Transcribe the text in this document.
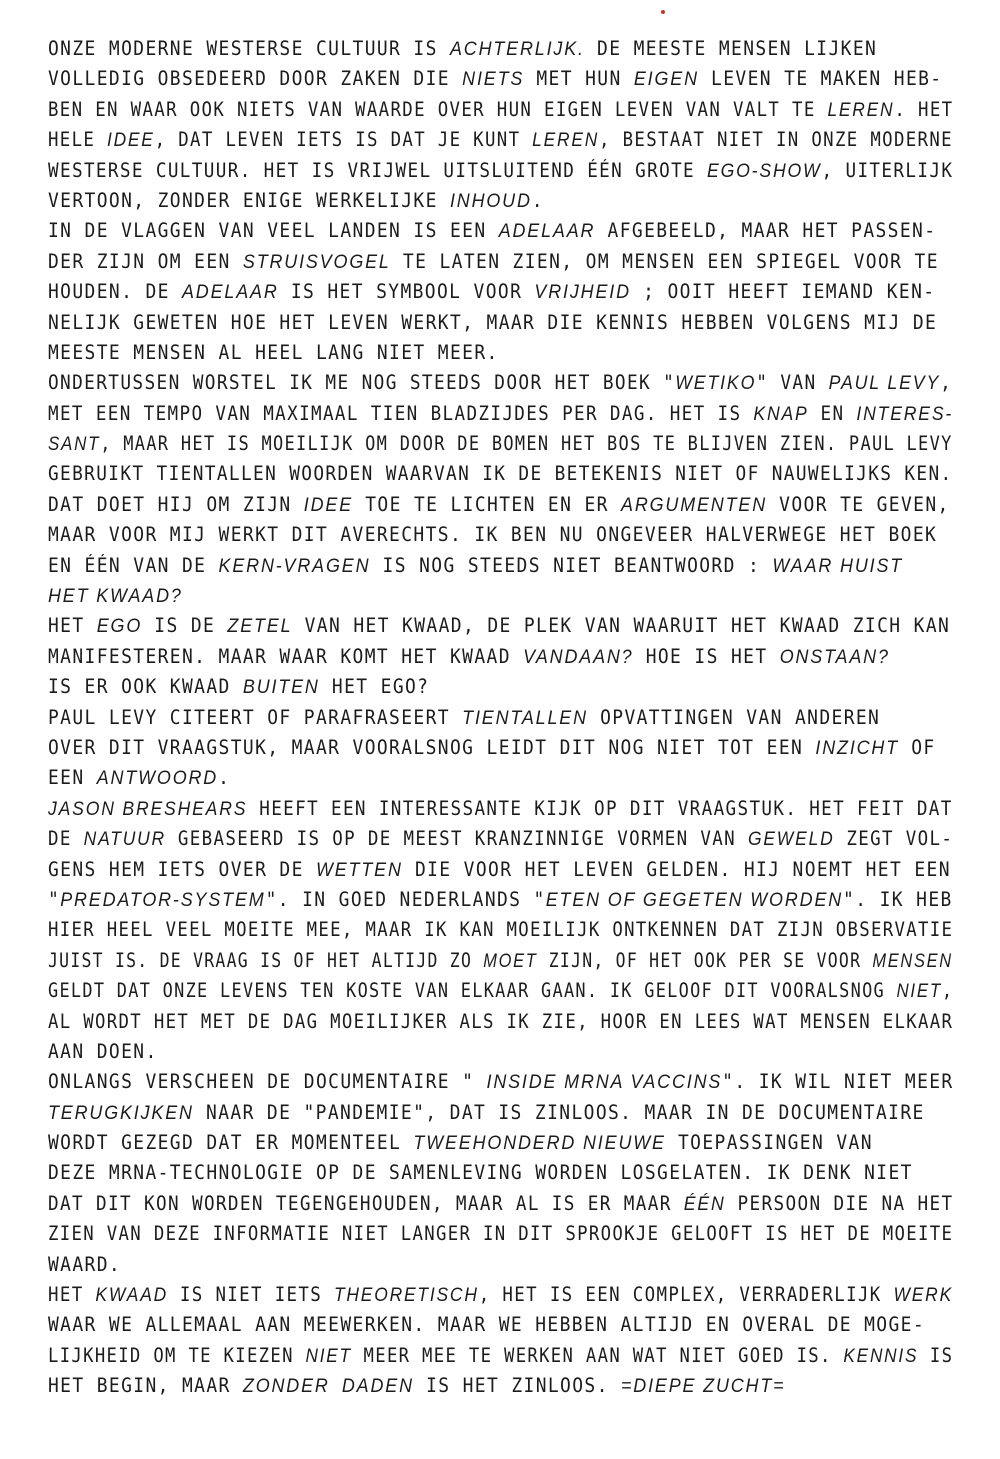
ONZE MODERNE WESTERSE CULTUUR IS ACHTERLIJK. DE MEESTE MENSEN LIJKEN
VOLLEDIG OBSEDEERD DOOR ZAKEN DIE NIETS MET HUN EIGEN LEVEN TE MAKEN HEB-
BEN EN WAAR OOK NIETS VAN WAARDE OVER HUN EIGEN LEVEN VAN VALT TE LEREN. HET
HELE IDEE, DAT LEVEN IETS IS DAT JE KUNT LEREN, BESTAAT NIET IN ONZE MODERNE
WESTERSE CULTUUR. HET IS VRIJWEL UITSLUITEND ÉÉN GROTE EGO-SHOW, UITERLIJK
VERTOON, ZONDER ENIGE WERKELIJKE INHOUD.
IN DE VLAGGEN VAN VEEL LANDEN IS EEN ADELAAR AFGEBEELD, MAAR HET PASSEN-
DER ZIJN OM EEN STRUISVOGEL TE LATEN ZIEN, OM MENSEN EEN SPIEGEL VOOR TE
HOUDEN. DE ADELAAR IS HET SYMBOOL VOOR VRIJHEID ; OOIT HEEFT IEMAND KEN-
NELIJK GEWETEN HOE HET LEVEN WERKT, MAAR DIE KENNIS HEBBEN VOLGENS MIJ DE
MEESTE MENSEN AL HEEL LANG NIET MEER.
ONDERTUSSEN WORSTEL IK ME NOG STEEDS DOOR HET BOEK "WETIKO" VAN PAUL LEVY,
MET EEN TEMPO VAN MAXIMAAL TIEN BLADZIJDES PER DAG. HET IS KNAP EN INTERES-
SANT, MAAR HET IS MOEILIJK OM DOOR DE BOMEN HET BOS TE BLIJVEN ZIEN. PAUL LEVY
GEBRUIKT TIENTALLEN WOORDEN WAARVAN IK DE BETEKENIS NIET OF NAUWELIJKS KEN.
DAT DOET HIJ OM ZIJN IDEE TOE TE LICHTEN EN ER ARGUMENTEN VOOR TE GEVEN,
MAAR VOOR MIJ WERKT DIT AVERECHTS. IK BEN NU ONGEVEER HALVERWEGE HET BOEK
EN ÉÉN VAN DE KERN-VRAGEN IS NOG STEEDS NIET BEANTWOORD : WAAR HUIST
HET KWAAD?
HET EGO IS DE ZETEL VAN HET KWAAD, DE PLEK VAN WAARUIT HET KWAAD ZICH KAN
MANIFESTEREN. MAAR WAAR KOMT HET KWAAD VANDAAN? HOE IS HET ONSTAAN?
IS ER OOK KWAAD BUITEN HET EGO?
PAUL LEVY CITEERT OF PARAFRASEERT TIENTALLEN OPVATTINGEN VAN ANDEREN
OVER DIT VRAAGSTUK, MAAR VOORALSNOG LEIDT DIT NOG NIET TOT EEN INZICHT OF
EEN ANTWOORD.
JASON BRESHEARS HEEFT EEN INTERESSANTE KIJK OP DIT VRAAGSTUK. HET FEIT DAT
DE NATUUR GEBASEERD IS OP DE MEEST KRANZINNIGE VORMEN VAN GEWELD ZEGT VOL-
GENS HEM IETS OVER DE WETTEN DIE VOOR HET LEVEN GELDEN. HIJ NOEMT HET EEN
"PREDATOR-SYSTEM". IN GOED NEDERLANDS "ETEN OF GEGETEN WORDEN". IK HEB
HIER HEEL VEEL MOEITE MEE, MAAR IK KAN MOEILIJK ONTKENNEN DAT ZIJN OBSERVATIE
JUIST IS. DE VRAAG IS OF HET ALTIJD ZO MOET ZIJN, OF HET OOK PER SE VOOR MENSEN
GELDT DAT ONZE LEVENS TEN KOSTE VAN ELKAAR GAAN. IK GELOOF DIT VOORALSNOG NIET,
AL WORDT HET MET DE DAG MOEILIJKER ALS IK ZIE, HOOR EN LEES WAT MENSEN ELKAAR
AAN DOEN.
ONLANGS VERSCHEEN DE DOCUMENTAIRE " INSIDE MRNA VACCINS". IK WIL NIET MEER
TERUGKIJKEN NAAR DE "PANDEMIE", DAT IS ZINLOOS. MAAR IN DE DOCUMENTAIRE
WORDT GEZEGD DAT ER MOMENTEEL TWEEHONDERD NIEUWE TOEPASSINGEN VAN
DEZE MRNA-TECHNOLOGIE OP DE SAMENLEVING WORDEN LOSGELATEN. IK DENK NIET
DAT DIT KON WORDEN TEGENGEHOUDEN, MAAR AL IS ER MAAR ÉÉN PERSOON DIE NA HET
ZIEN VAN DEZE INFORMATIE NIET LANGER IN DIT SPROOKJE GELOOFT IS HET DE MOEITE
WAARD.
HET KWAAD IS NIET IETS THEORETISCH, HET IS EEN COMPLEX, VERRADERLIJK WERK
WAAR WE ALLEMAAL AAN MEEWERKEN. MAAR WE HEBBEN ALTIJD EN OVERAL DE MOGE-
LIJKHEID OM TE KIEZEN NIET MEER MEE TE WERKEN AAN WAT NIET GOED IS. KENNIS IS
HET BEGIN, MAAR ZONDER DADEN IS HET ZINLOOS. =DIEPE ZUCHT=
